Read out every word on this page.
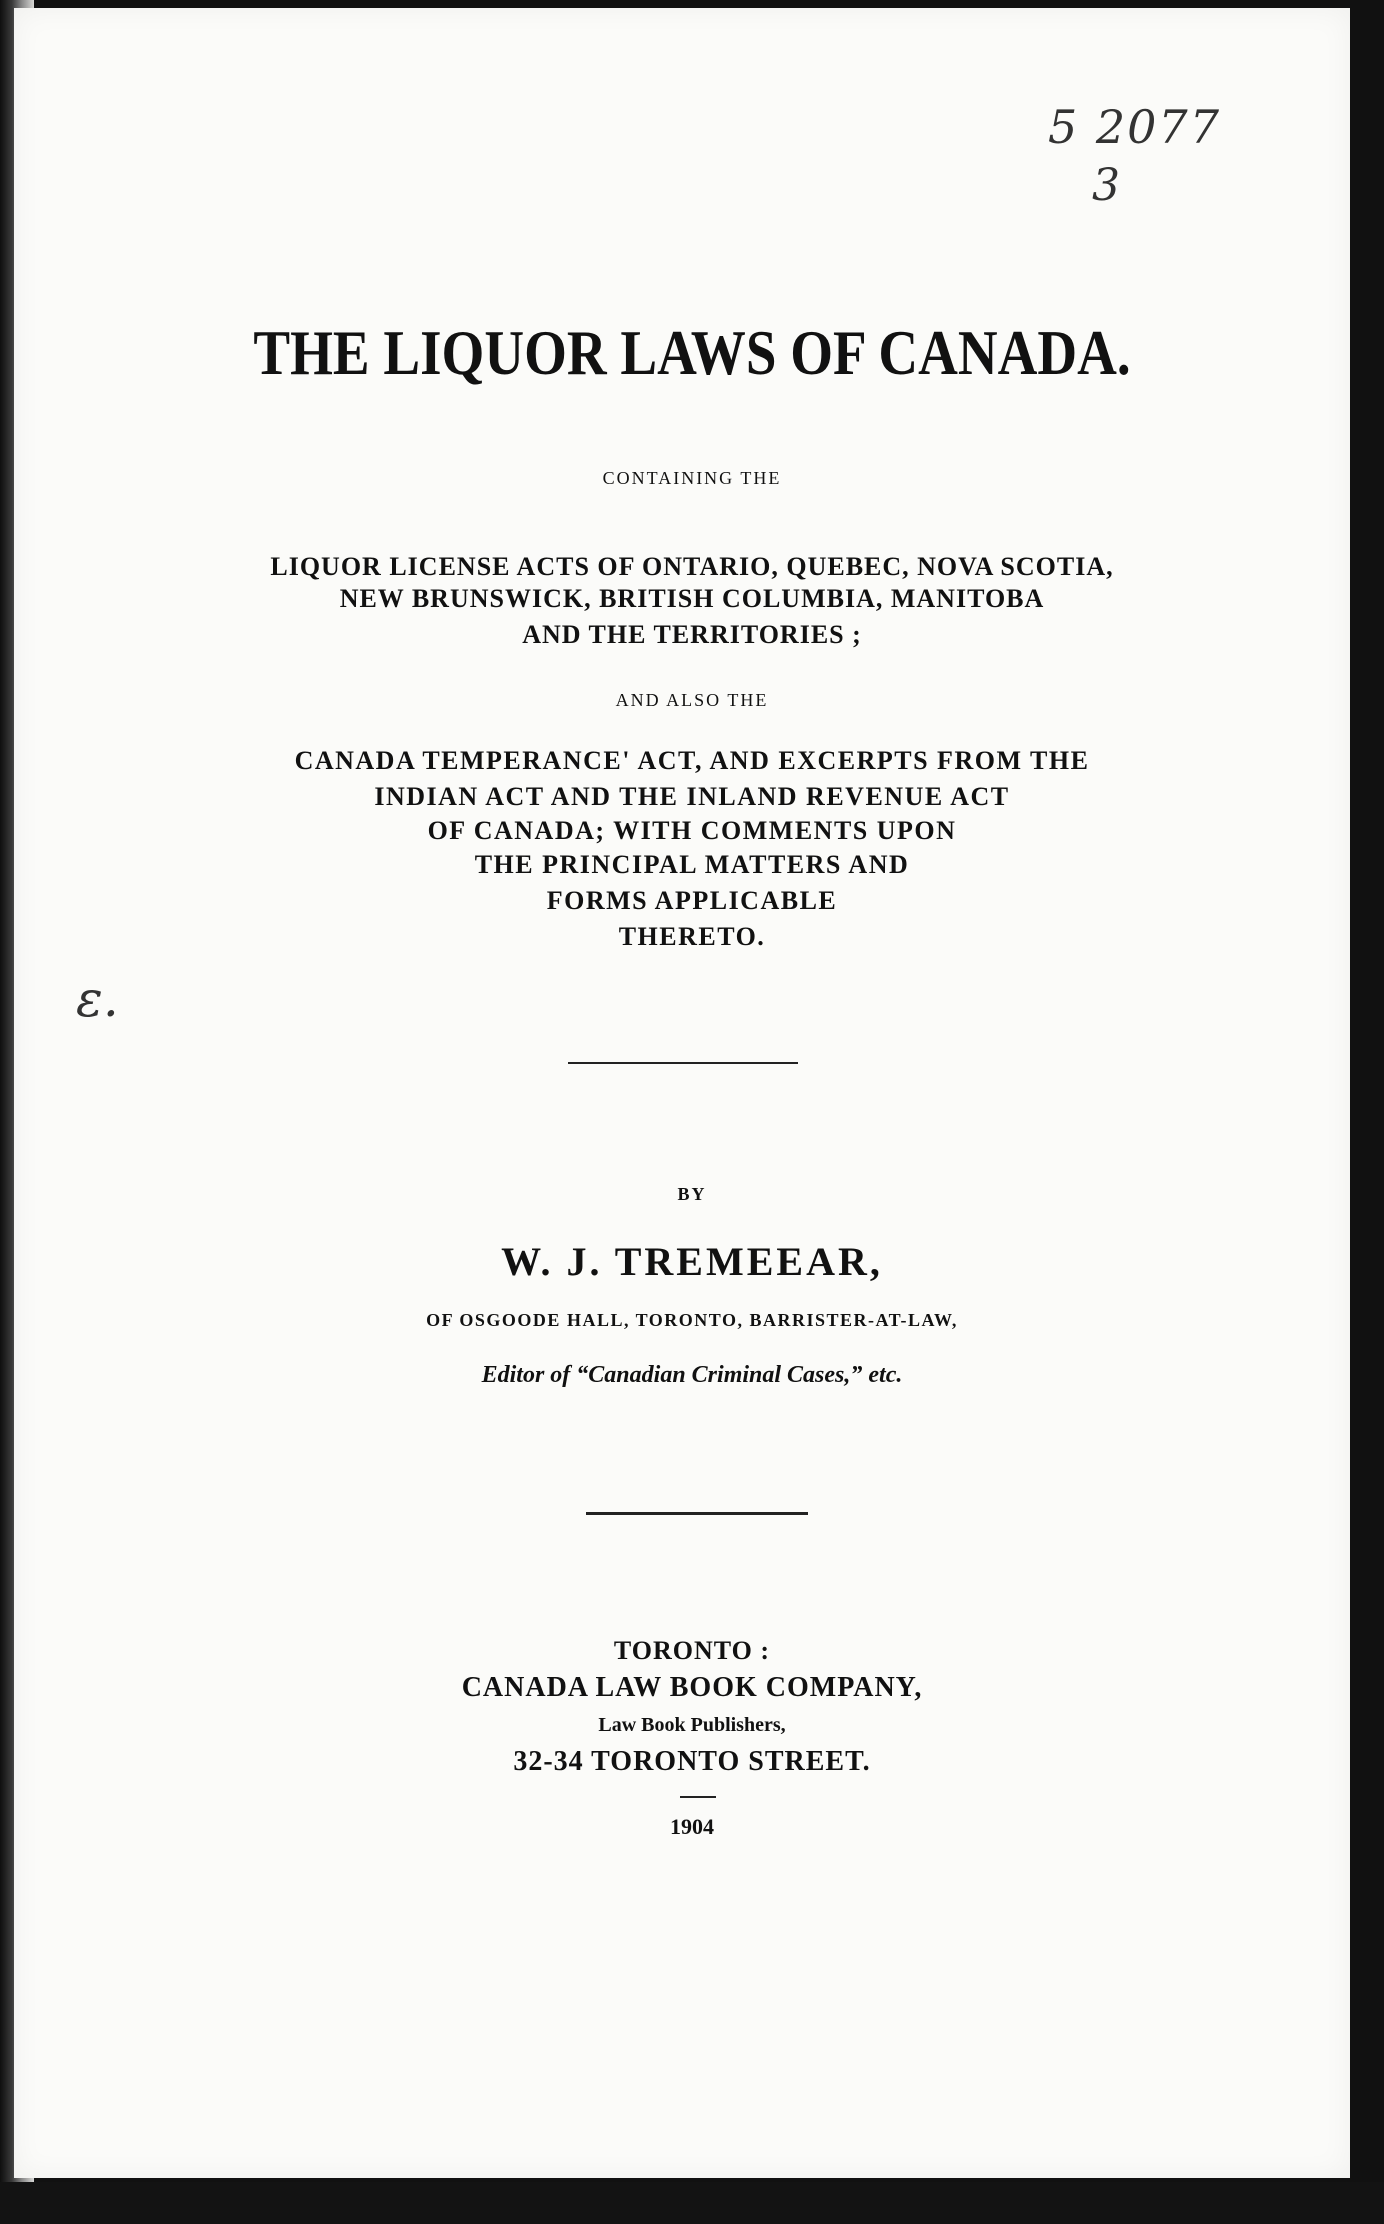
5 2077
3
ε.
THE LIQUOR LAWS OF CANADA.

CONTAINING THE

LIQUOR LICENSE ACTS OF ONTARIO, QUEBEC, NOVA SCOTIA,

NEW BRUNSWICK, BRITISH COLUMBIA, MANITOBA

AND THE TERRITORIES ;

AND ALSO THE

CANADA TEMPERANCE' ACT, AND EXCERPTS FROM THE

INDIAN ACT AND THE INLAND REVENUE ACT

OF CANADA; WITH COMMENTS UPON

THE PRINCIPAL MATTERS AND

FORMS APPLICABLE

THERETO.

BY

W. J. TREMEEAR,

OF OSGOODE HALL, TORONTO, BARRISTER-AT-LAW,

Editor of “Canadian Criminal Cases,” etc.

TORONTO :

CANADA LAW BOOK COMPANY,

Law Book Publishers,

32-34 TORONTO STREET.

1904
